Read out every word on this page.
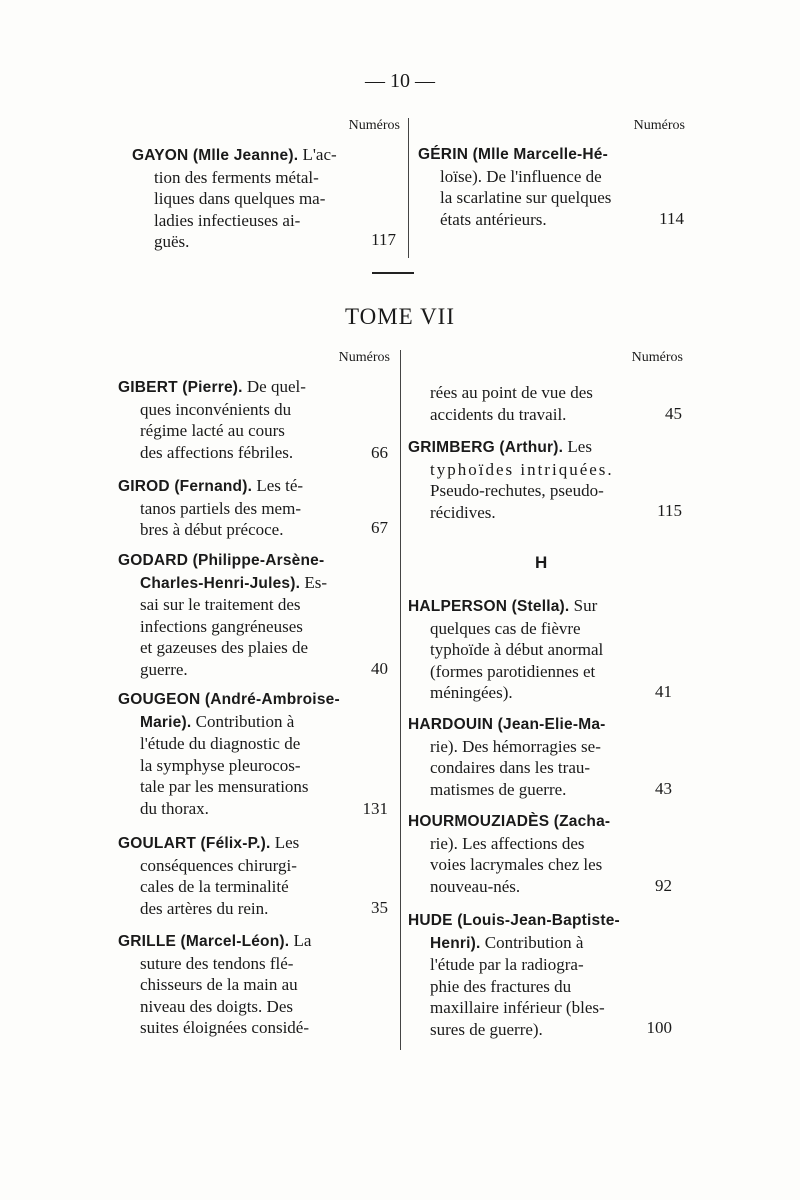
— 10 —
Numéros	Numéros

GAYON (Mlle Jeanne). L'ac-

tion des ferments métal-

liques dans quelques ma-

ladies infectieuses ai-

guës.	117

GÉRIN (Mlle Marcelle-Hé-

loïse). De l'influence de

la scarlatine sur quelques

états antérieurs.	114
TOME VII
Numéros	Numéros

GIBERT (Pierre). De quel-

ques inconvénients du

régime lacté au cours

des affections fébriles.	66

GIROD (Fernand). Les té-

tanos partiels des mem-

bres à début précoce.	67

GODARD (Philippe-Arsène-

Charles-Henri-Jules). Es-

sai sur le traitement des

infections gangréneuses

et gazeuses des plaies de

guerre.	40

GOUGEON (André-Ambroise-

Marie). Contribution à

l'étude du diagnostic de

la symphyse pleurocos-

tale par les mensurations

du thorax.	131

GOULART (Félix-P.). Les

conséquences chirurgi-

cales de la terminalité

des artères du rein.	35

GRILLE (Marcel-Léon). La

suture des tendons flé-

chisseurs de la main au

niveau des doigts. Des

suites éloignées considé-

rées au point de vue des

accidents du travail.	45

GRIMBERG (Arthur). Les

typhoïdes intriquées.

Pseudo-rechutes, pseudo-

récidives.	115
H

HALPERSON (Stella). Sur

quelques cas de fièvre

typhoïde à début anormal

(formes parotidiennes et

méningées).	41

HARDOUIN (Jean-Elie-Ma-

rie). Des hémorragies se-

condaires dans les trau-

matismes de guerre.	43

HOURMOUZIADÈS (Zacha-

rie). Les affections des

voies lacrymales chez les

nouveau-nés.	92

HUDE (Louis-Jean-Baptiste-

Henri). Contribution à

l'étude par la radiogra-

phie des fractures du

maxillaire inférieur (bles-

sures de guerre).	100
